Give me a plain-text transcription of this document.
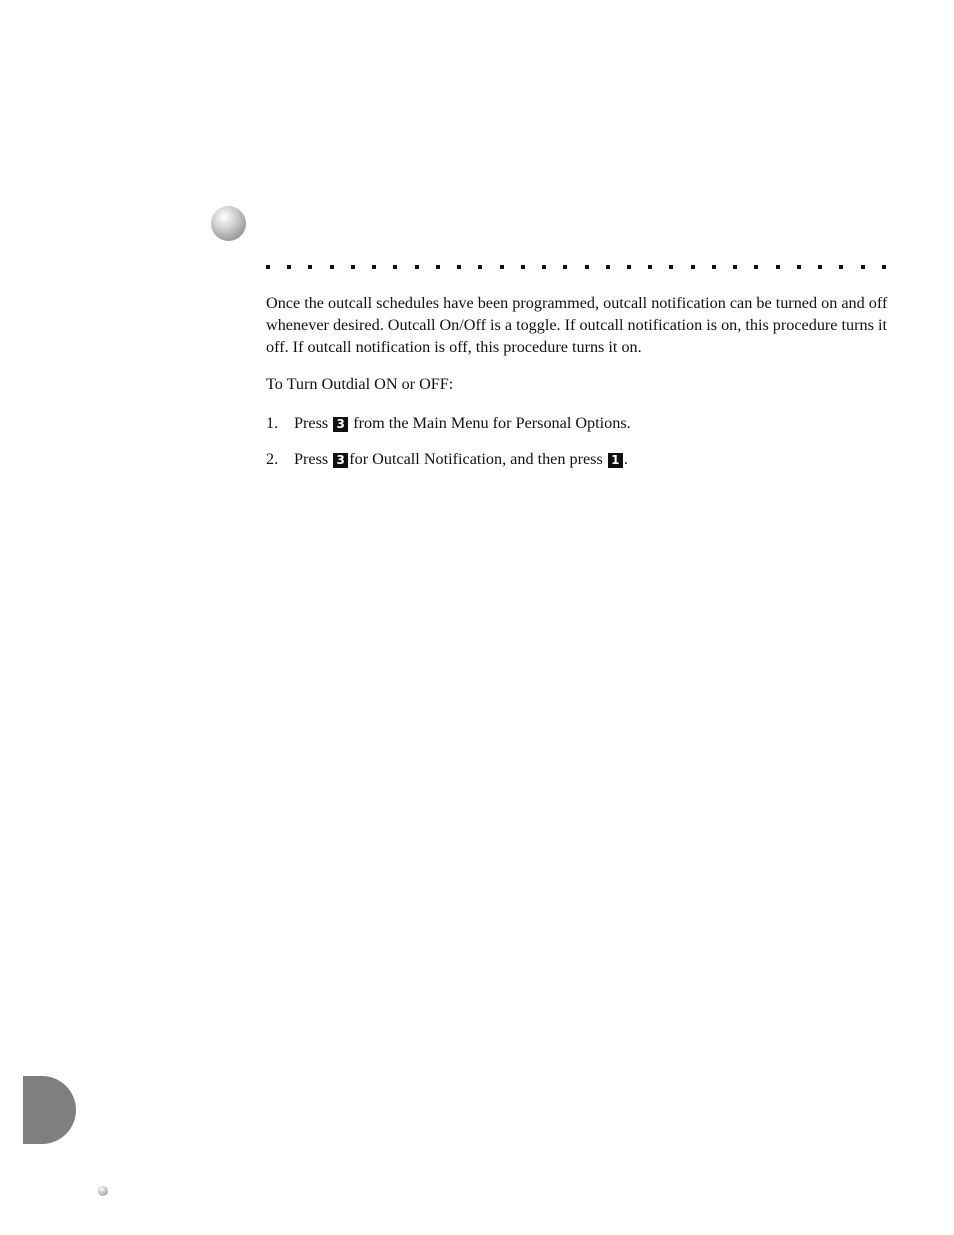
Once the outcall schedules have been programmed, outcall notification can be turned on and off whenever desired. Outcall On/Off is a toggle. If outcall notification is on, this procedure turns it off. If outcall notification is off, this procedure turns it on.

To Turn Outdial ON or OFF:

1. Press 3 from the Main Menu for Personal Options.
2. Press 3 for Outcall Notification, and then press 1 .
